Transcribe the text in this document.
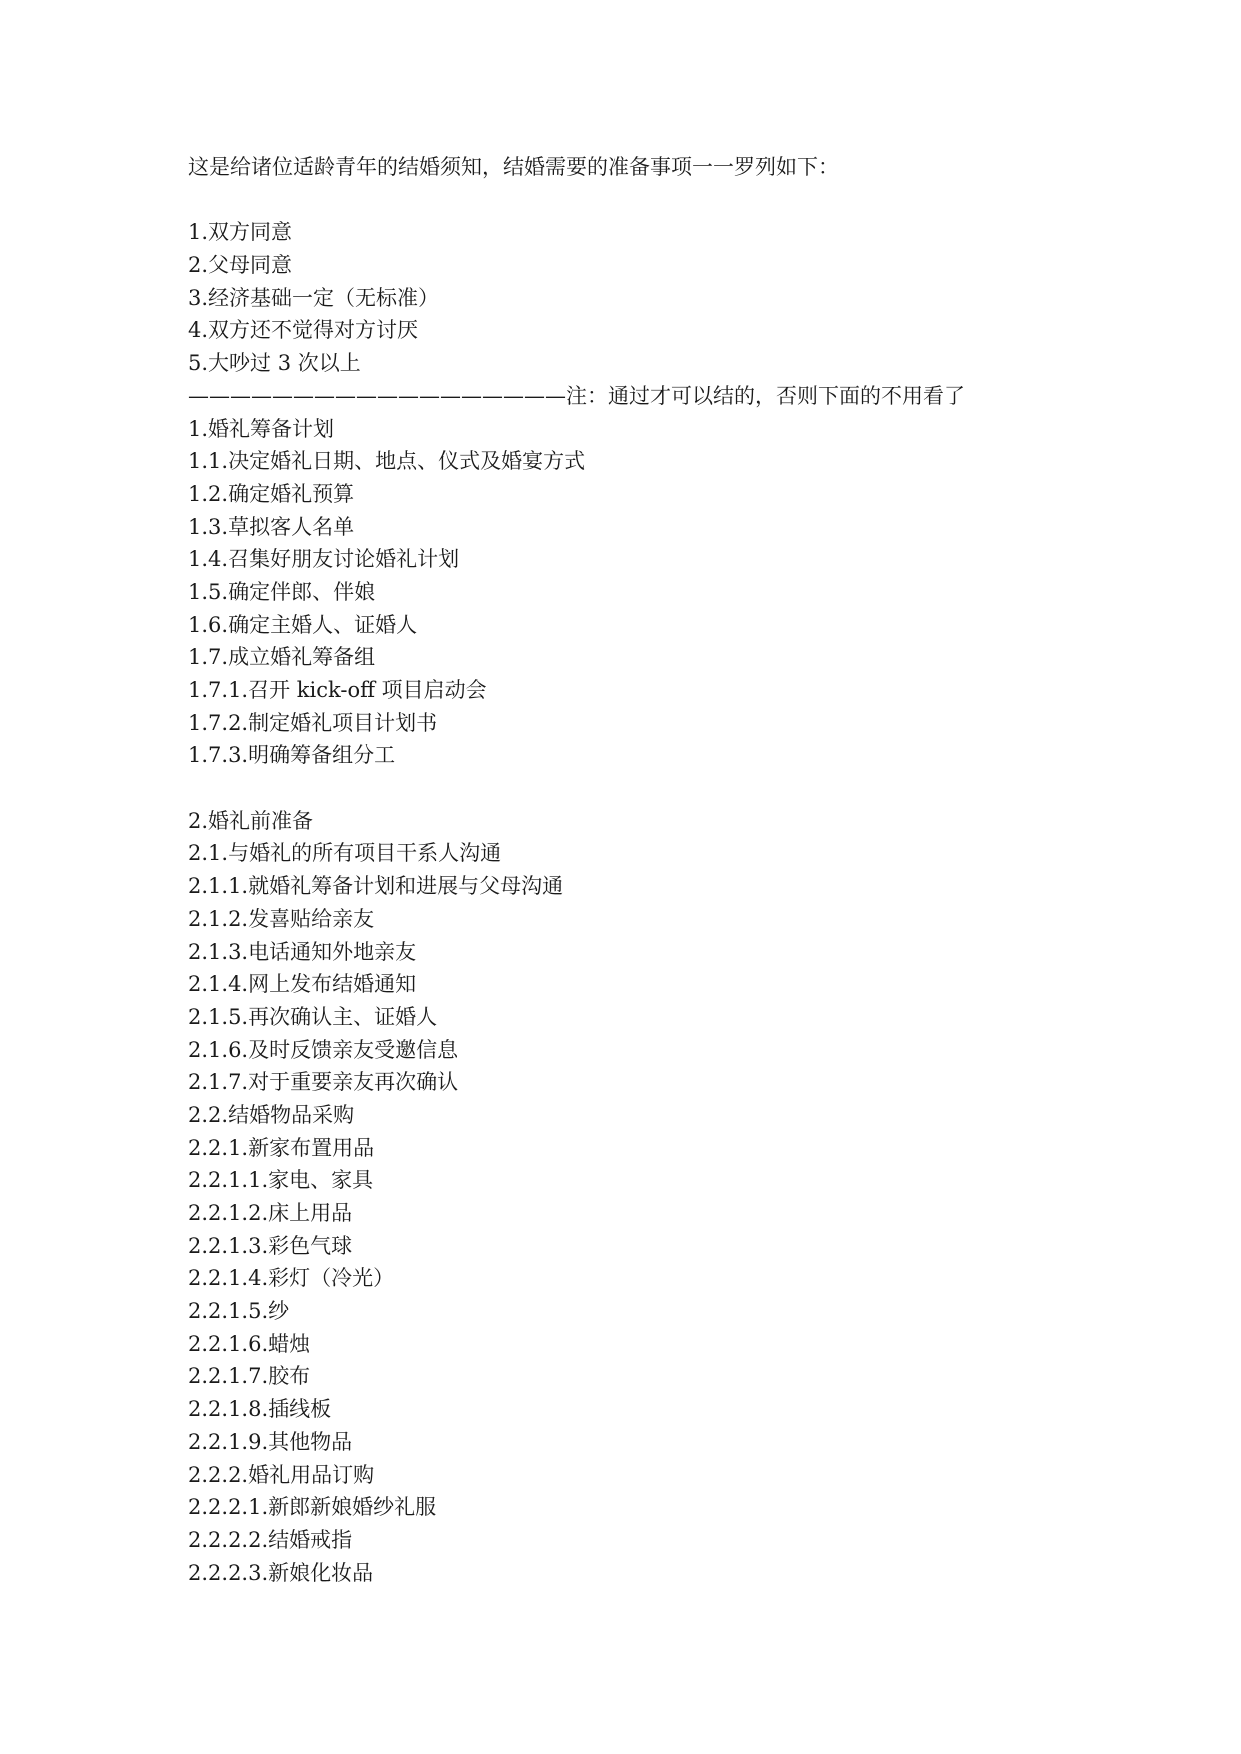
这是给诸位适龄青年的结婚须知，结婚需要的准备事项一一罗列如下：
1.双方同意
2.父母同意
3.经济基础一定（无标准）
4.双方还不觉得对方讨厌
5.大吵过 3 次以上
——————————————————注：通过才可以结的，否则下面的不用看了
1.婚礼筹备计划
1.1.决定婚礼日期、地点、仪式及婚宴方式
1.2.确定婚礼预算
1.3.草拟客人名单
1.4.召集好朋友讨论婚礼计划
1.5.确定伴郎、伴娘
1.6.确定主婚人、证婚人
1.7.成立婚礼筹备组
1.7.1.召开 kick-off 项目启动会
1.7.2.制定婚礼项目计划书
1.7.3.明确筹备组分工
2.婚礼前准备
2.1.与婚礼的所有项目干系人沟通
2.1.1.就婚礼筹备计划和进展与父母沟通
2.1.2.发喜贴给亲友
2.1.3.电话通知外地亲友
2.1.4.网上发布结婚通知
2.1.5.再次确认主、证婚人
2.1.6.及时反馈亲友受邀信息
2.1.7.对于重要亲友再次确认
2.2.结婚物品采购
2.2.1.新家布置用品
2.2.1.1.家电、家具
2.2.1.2.床上用品
2.2.1.3.彩色气球
2.2.1.4.彩灯（冷光）
2.2.1.5.纱
2.2.1.6.蜡烛
2.2.1.7.胶布
2.2.1.8.插线板
2.2.1.9.其他物品
2.2.2.婚礼用品订购
2.2.2.1.新郎新娘婚纱礼服
2.2.2.2.结婚戒指
2.2.2.3.新娘化妆品
